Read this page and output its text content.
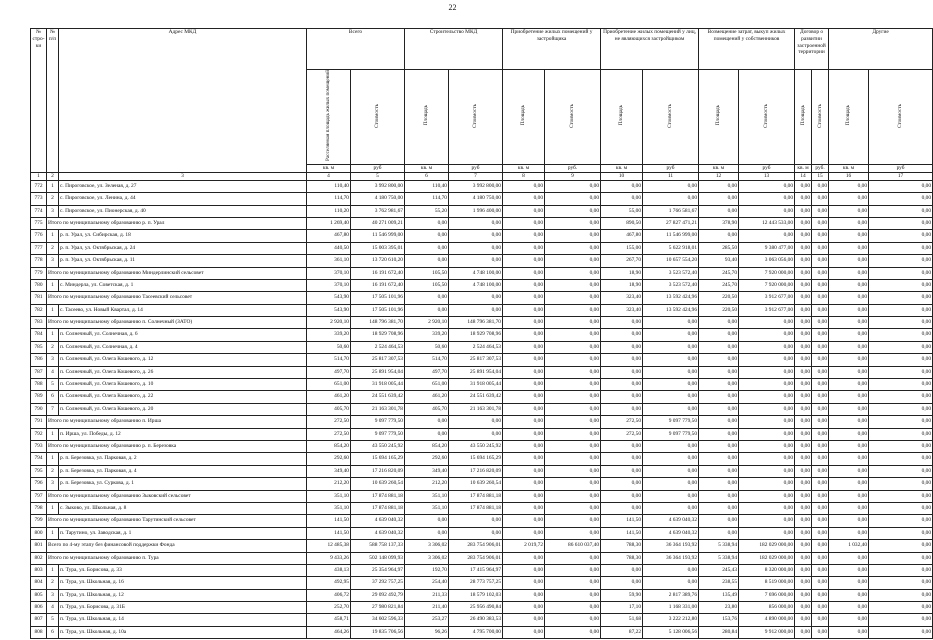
22
№
стро-
ки	№
п/п	Адрес МКД	Всего		Строительство МКД		Приобретение жилых помещений у застройщика		Приобретение жилых помещений у лиц, не являющихся застройщиком		Возмещение затрат, выкуп жилых помещений у собственников		Договор о развитии застроенной территории		Другие	
			Расселяемая площадь жилых помещений	Стоимость	Площадь	Стоимость	Площадь	Стоимость	Площадь	Стоимость	Площадь	Стоимость	Площадь	Стоимость	Площадь	Стоимость
			кв. м	руб	кв. м	руб	кв. м	руб.	кв. м	руб	кв. м	руб	кв. м	руб.	кв. м	руб
1	2	3	4	5	6	7	8	9	10	11	12	13	14	15	16	17
772	1	с. Пироговское, ул. Зеленая, д. 27	110,40	3 992 800,00	110,40	3 992 800,00	0,00	0,00	0,00	0,00	0,00	0,00	0,00	0,00	0,00	0,00
773	2	с. Пироговское, ул. Ленина, д. 44	114,70	4 180 750,00	114,70	4 180 750,00	0,00	0,00	0,00	0,00	0,00	0,00	0,00	0,00	0,00	0,00
774	3	с. Пироговское, ул. Пионерская, д. 40	110,20	3 762 981,67	55,20	1 996 400,00	0,00	0,00	55,00	1 766 581,67	0,00	0,00	0,00	0,00	0,00	0,00
775	Итого по муниципальному образованию р. п. Урал		1 269,40	40 271 009,21	0,00	0,00	0,00	0,00	890,50	27 827 471,21	378,90	12 443 533,00	0,00	0,00	0,00	0,00
776	1	р. п. Урал, ул. Сибирская, д. 18	467,80	11 546 999,00	0,00	0,00	0,00	0,00	467,80	11 546 999,00	0,00	0,00	0,00	0,00	0,00	0,00
777	2	р. п. Урал, ул. Октябрьская, д. 24	440,50	15 003 395,01	0,00	0,00	0,00	0,00	155,00	5 622 918,01	285,50	9 380 477,00	0,00	0,00	0,00	0,00
778	3	р. п. Урал, ул. Октябрьская, д. 11	361,10	13 720 610,20	0,00	0,00	0,00	0,00	267,70	10 657 554,20	93,40	3 063 056,00	0,00	0,00	0,00	0,00
779	Итого по муниципальному образованию Миндерлинский сельсовет		370,10	16 191 672,40	105,50	4 748 100,00	0,00	0,00	18,90	3 523 572,40	245,70	7 920 000,00	0,00	0,00	0,00	0,00
780	1	с. Миндерла, ул. Советская, д. 1	370,10	16 191 672,40	105,50	4 748 100,00	0,00	0,00	18,90	3 523 572,40	245,70	7 920 000,00	0,00	0,00	0,00	0,00
781	Итого по муниципальному образованию Тасеевский сельсовет		543,90	17 505 101,96	0,00	0,00	0,00	0,00	323,40	13 592 424,96	220,50	3 912 677,00	0,00	0,00	0,00	0,00
782	1	с. Тасеево, ул. Новый Квартал, д. 14	543,90	17 505 101,96	0,00	0,00	0,00	0,00	323,40	13 592 424,96	220,50	3 912 677,00	0,00	0,00	0,00	0,00
783	Итого по муниципальному образованию п. Солнечный (ЗАТО)		2 920,10	148 796 381,70	2 920,10	148 796 381,70	0,00	0,00	0,00	0,00	0,00	0,00	0,00	0,00	0,00	0,00
784	1	п. Солнечный, ул. Солнечная, д. 6	339,20	18 929 708,96	339,20	18 929 708,96	0,00	0,00	0,00	0,00	0,00	0,00	0,00	0,00	0,00	0,00
785	2	п. Солнечный, ул. Солнечная, д. 4	50,60	2 524 464,53	50,60	2 524 464,53	0,00	0,00	0,00	0,00	0,00	0,00	0,00	0,00	0,00	0,00
786	3	п. Солнечный, ул. Олега Кошевого, д. 12	514,70	25 817 307,53	514,70	25 817 307,53	0,00	0,00	0,00	0,00	0,00	0,00	0,00	0,00	0,00	0,00
787	4	п. Солнечный, ул. Олега Кошевого, д. 26	497,70	25 891 954,04	497,70	25 891 954,04	0,00	0,00	0,00	0,00	0,00	0,00	0,00	0,00	0,00	0,00
788	5	п. Солнечный, ул. Олега Кошевого, д. 10	651,00	31 918 005,44	651,00	31 918 005,44	0,00	0,00	0,00	0,00	0,00	0,00	0,00	0,00	0,00	0,00
789	6	п. Солнечный, ул. Олега Кошевого, д. 22	461,20	24 551 639,42	461,20	24 551 639,42	0,00	0,00	0,00	0,00	0,00	0,00	0,00	0,00	0,00	0,00
790	7	п. Солнечный, ул. Олега Кошевого, д. 20	405,70	21 163 301,78	405,70	21 163 301,78	0,00	0,00	0,00	0,00	0,00	0,00	0,00	0,00	0,00	0,00
791	Итого по муниципальному образованию п. Ирша		272,50	9 097 779,50	0,00	0,00	0,00	0,00	272,50	9 097 779,50	0,00	0,00	0,00	0,00	0,00	0,00
792	1	п. Ирша, ул. Победы, д. 12	272,50	9 097 779,50	0,00	0,00	0,00	0,00	272,50	9 097 779,50	0,00	0,00	0,00	0,00	0,00	0,00
793	Итого по муниципальному образованию р. п. Березовка		854,20	43 550 245,92	854,20	43 550 245,92	0,00	0,00	0,00	0,00	0,00	0,00	0,00	0,00	0,00	0,00
794	1	р. п. Березовка, ул. Парковая, д. 2	292,60	15 694 165,29	292,60	15 694 165,29	0,00	0,00	0,00	0,00	0,00	0,00	0,00	0,00	0,00	0,00
795	2	р. п. Березовка, ул. Парковая, д. 4	349,40	17 216 820,09	349,40	17 216 820,09	0,00	0,00	0,00	0,00	0,00	0,00	0,00	0,00	0,00	0,00
796	3	р. п. Березовка, ул. Суркова, д. 1	212,20	10 639 260,54	212,20	10 639 260,54	0,00	0,00	0,00	0,00	0,00	0,00	0,00	0,00	0,00	0,00
797	Итого по муниципальному образованию Зыковский сельсовет		351,10	17 874 881,18	351,10	17 874 881,18	0,00	0,00	0,00	0,00	0,00	0,00	0,00	0,00	0,00	0,00
798	1	с. Зыково, ул. Школьная, д. 8	351,10	17 874 881,18	351,10	17 874 881,18	0,00	0,00	0,00	0,00	0,00	0,00	0,00	0,00	0,00	0,00
799	Итого по муниципальному образованию Тарутинский сельсовет		141,50	4 639 040,32	0,00	0,00	0,00	0,00	141,50	4 639 040,32	0,00	0,00	0,00	0,00	0,00	0,00
800	1	п. Тарутино, ул. Заводская, д. 1	141,50	4 639 040,32	0,00	0,00	0,00	0,00	141,50	4 639 040,32	0,00	0,00	0,00	0,00	0,00	0,00
801	Всего по 4-му этапу без финансовой поддержки Фонда		12 485,38	588 758 137,33	3 306,02	283 754 906,01	2 019,72	86 610 037,40	788,30	36 364 193,92	5 338,94	182 029 000,00	0,00	0,00	1 032,40	0,00
802	Итого по муниципальному образованию п. Тура		9 433,26	502 148 099,93	3 306,02	283 754 906,01	0,00	0,00	788,30	36 364 193,92	5 338,94	182 029 000,00	0,00	0,00	0,00	0,00
803	1	п. Тура, ул. Борисова, д. 33	438,13	25 354 964,97	192,70	17 415 964,97	0,00	0,00	0,00	0,00	245,43	8 320 000,00	0,00	0,00	0,00	0,00
804	2	п. Тура, ул. Школьная, д. 16	492,95	37 292 757,25	254,40	28 773 757,25	0,00	0,00	0,00	0,00	238,55	8 519 000,00	0,00	0,00	0,00	0,00
805	3	п. Тура, ул. Школьная, д. 12	406,72	29 092 492,79	211,33	18 579 102,03	0,00	0,00	59,90	2 817 389,76	135,49	7 696 000,00	0,00	0,00	0,00	0,00
806	4	п. Тура, ул. Борисова, д. 31Б	252,70	27 980 821,84	211,40	25 956 490,84	0,00	0,00	17,10	1 168 331,00	23,80	856 000,00	0,00	0,00	0,00	0,00
807	5	п. Тура, ул. Школьная, д. 14	458,71	34 602 596,33	253,27	26 490 383,53	0,00	0,00	51,68	3 222 212,80	153,76	4 890 000,00	0,00	0,00	0,00	0,00
808	6	п. Тура, ул. Школьная, д. 10а	464,26	19 835 706,56	96,26	4 795 700,00	0,00	0,00	87,22	5 128 006,56	280,84	9 912 000,00	0,00	0,00	0,00	0,00
